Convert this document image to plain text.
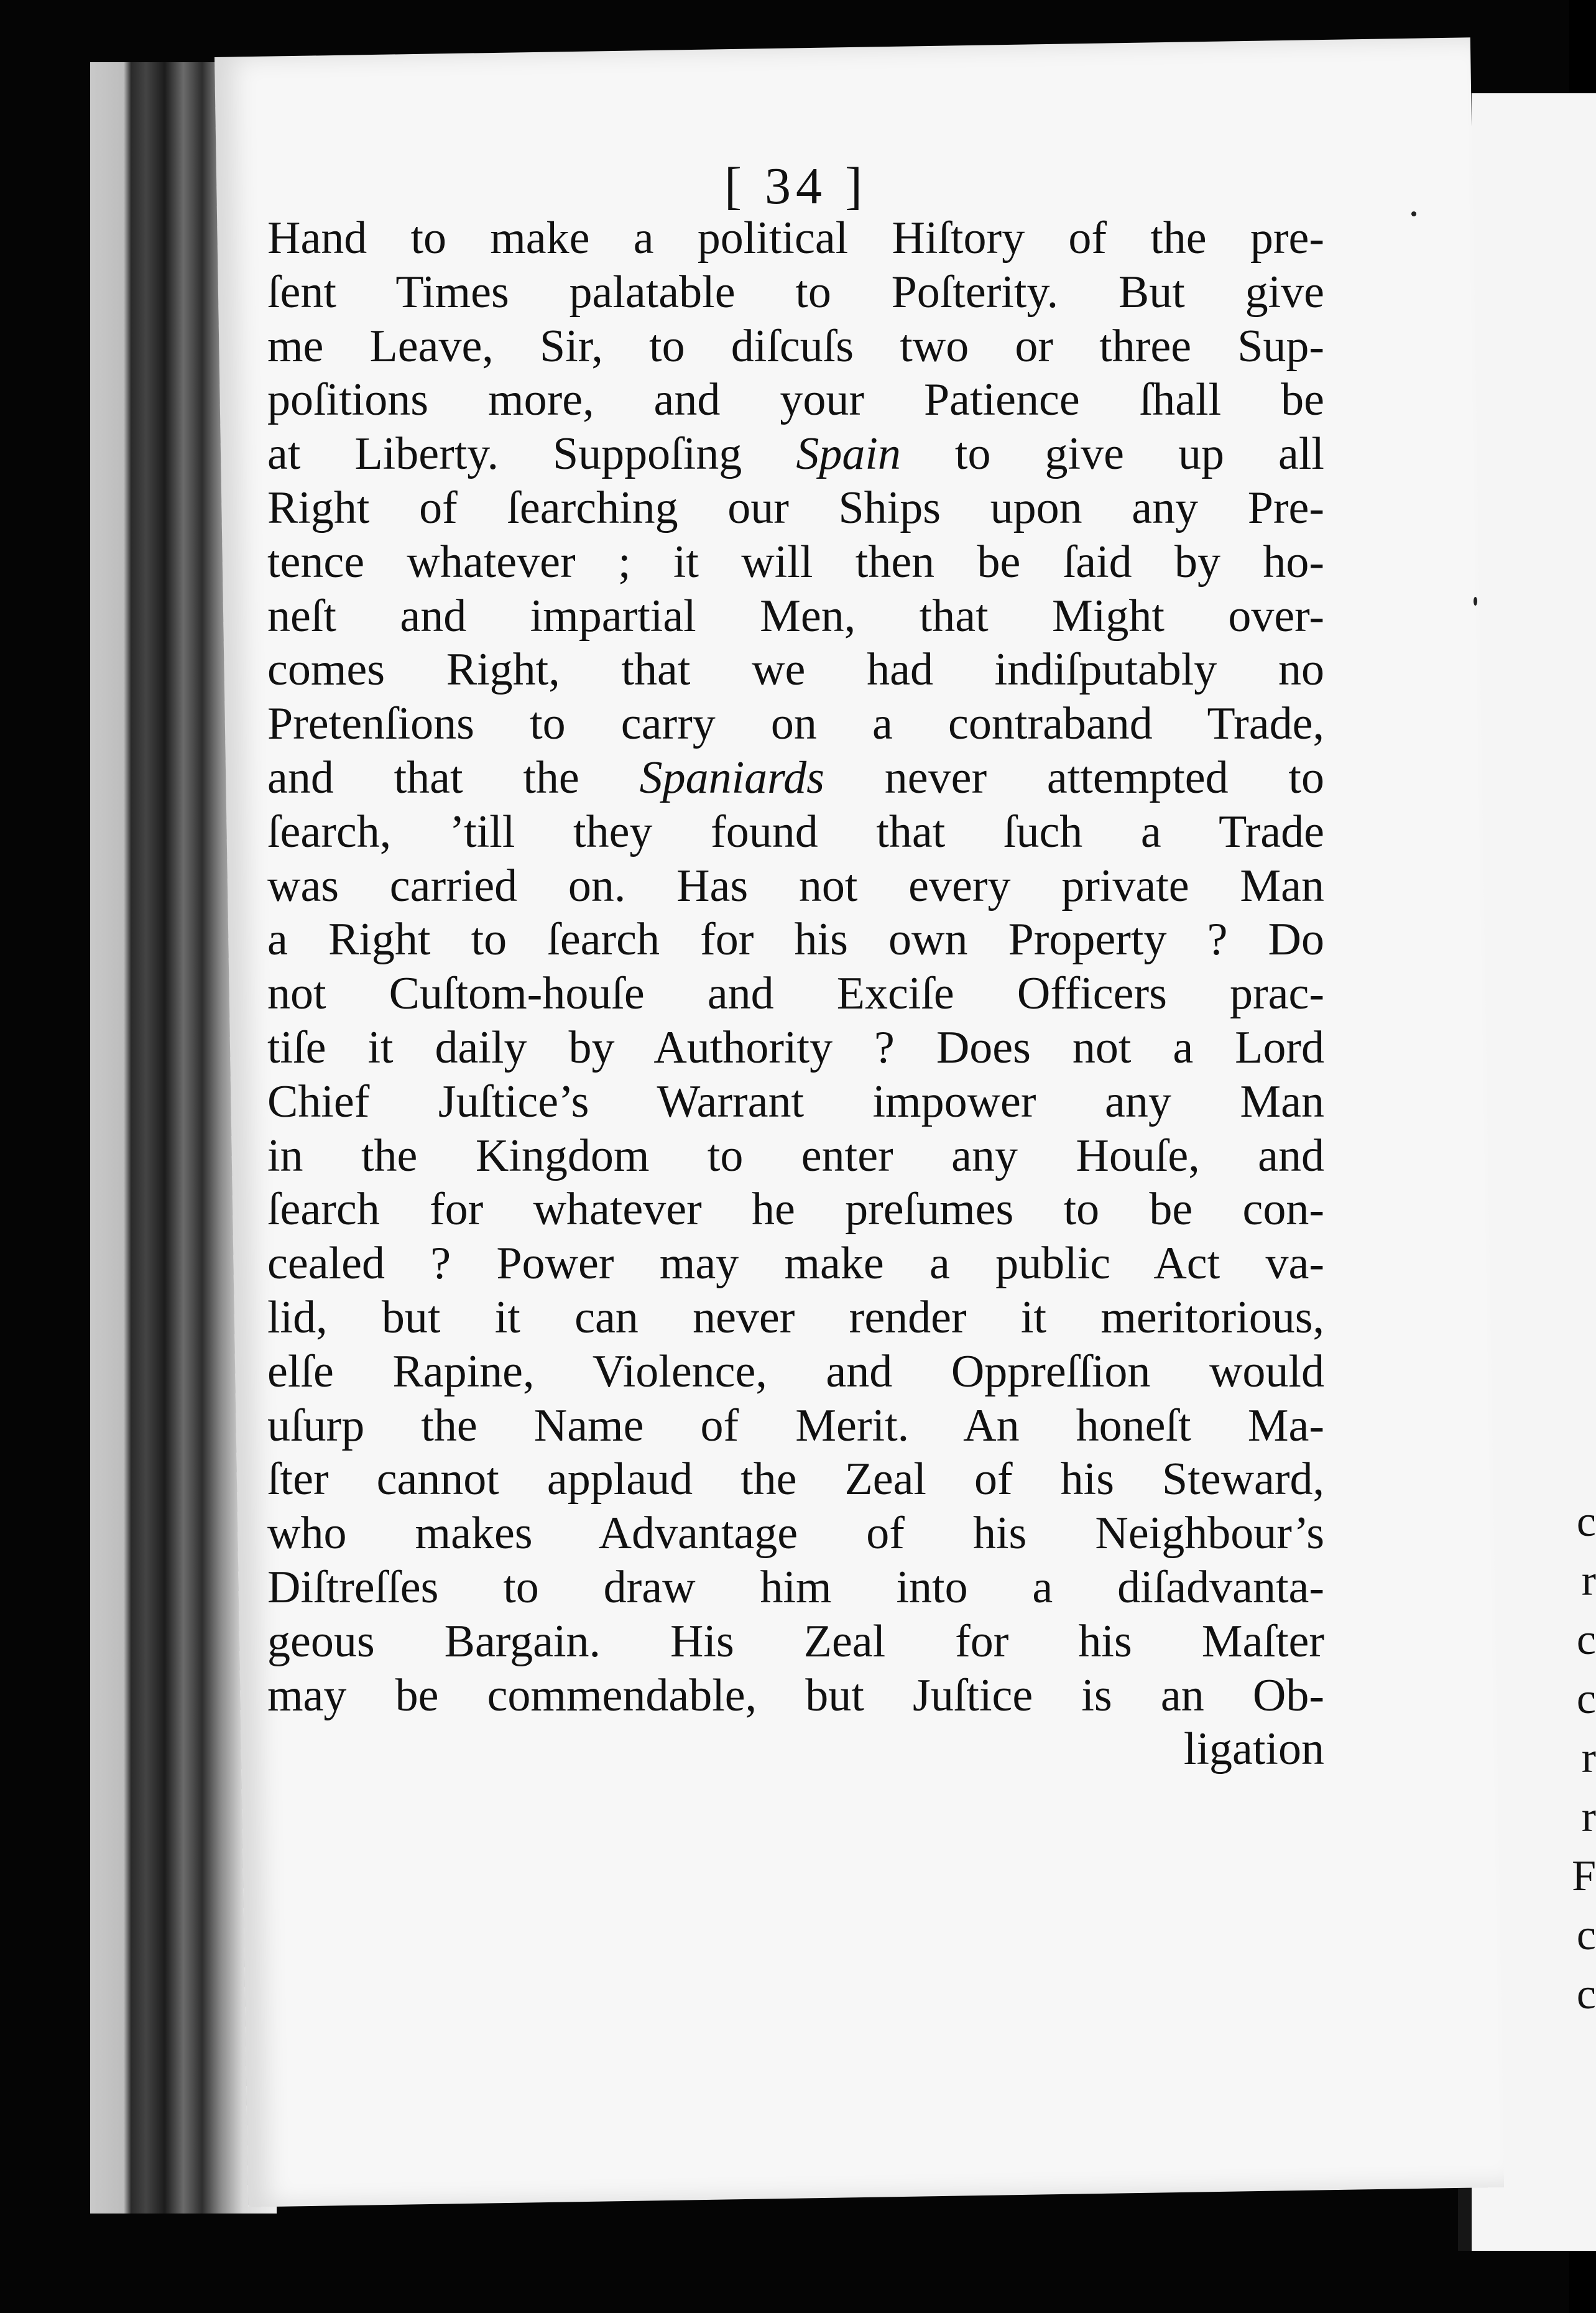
c
r
c
c
r
r
F
c
c
[ 34 ]
Hand to make a political Hiſtory of the pre-
ſent Times palatable to Poſterity. But give
me Leave, Sir, to diſcuſs two or three Sup-
poſitions more, and your Patience ſhall be
at Liberty. Suppoſing Spain to give up all
Right of ſearching our Ships upon any Pre-
tence whatever ; it will then be ſaid by ho-
neſt and impartial Men, that Might over-
comes Right, that we had indiſputably no
Pretenſions to carry on a contraband Trade,
and that the Spaniards never attempted to
ſearch, ’till they found that ſuch a Trade
was carried on. Has not every private Man
a Right to ſearch for his own Property ? Do
not Cuſtom-houſe and Exciſe Officers prac-
tiſe it daily by Authority ? Does not a Lord
Chief Juſtice’s Warrant impower any Man
in the Kingdom to enter any Houſe, and
ſearch for whatever he preſumes to be con-
cealed ? Power may make a public Act va-
lid, but it can never render it meritorious,
elſe Rapine, Violence, and Oppreſſion would
uſurp the Name of Merit. An honeſt Ma-
ſter cannot applaud the Zeal of his Steward,
who makes Advantage of his Neighbour’s
Diſtreſſes to draw him into a diſadvanta-
geous Bargain. His Zeal for his Maſter
may be commendable, but Juſtice is an Ob-
ligation
